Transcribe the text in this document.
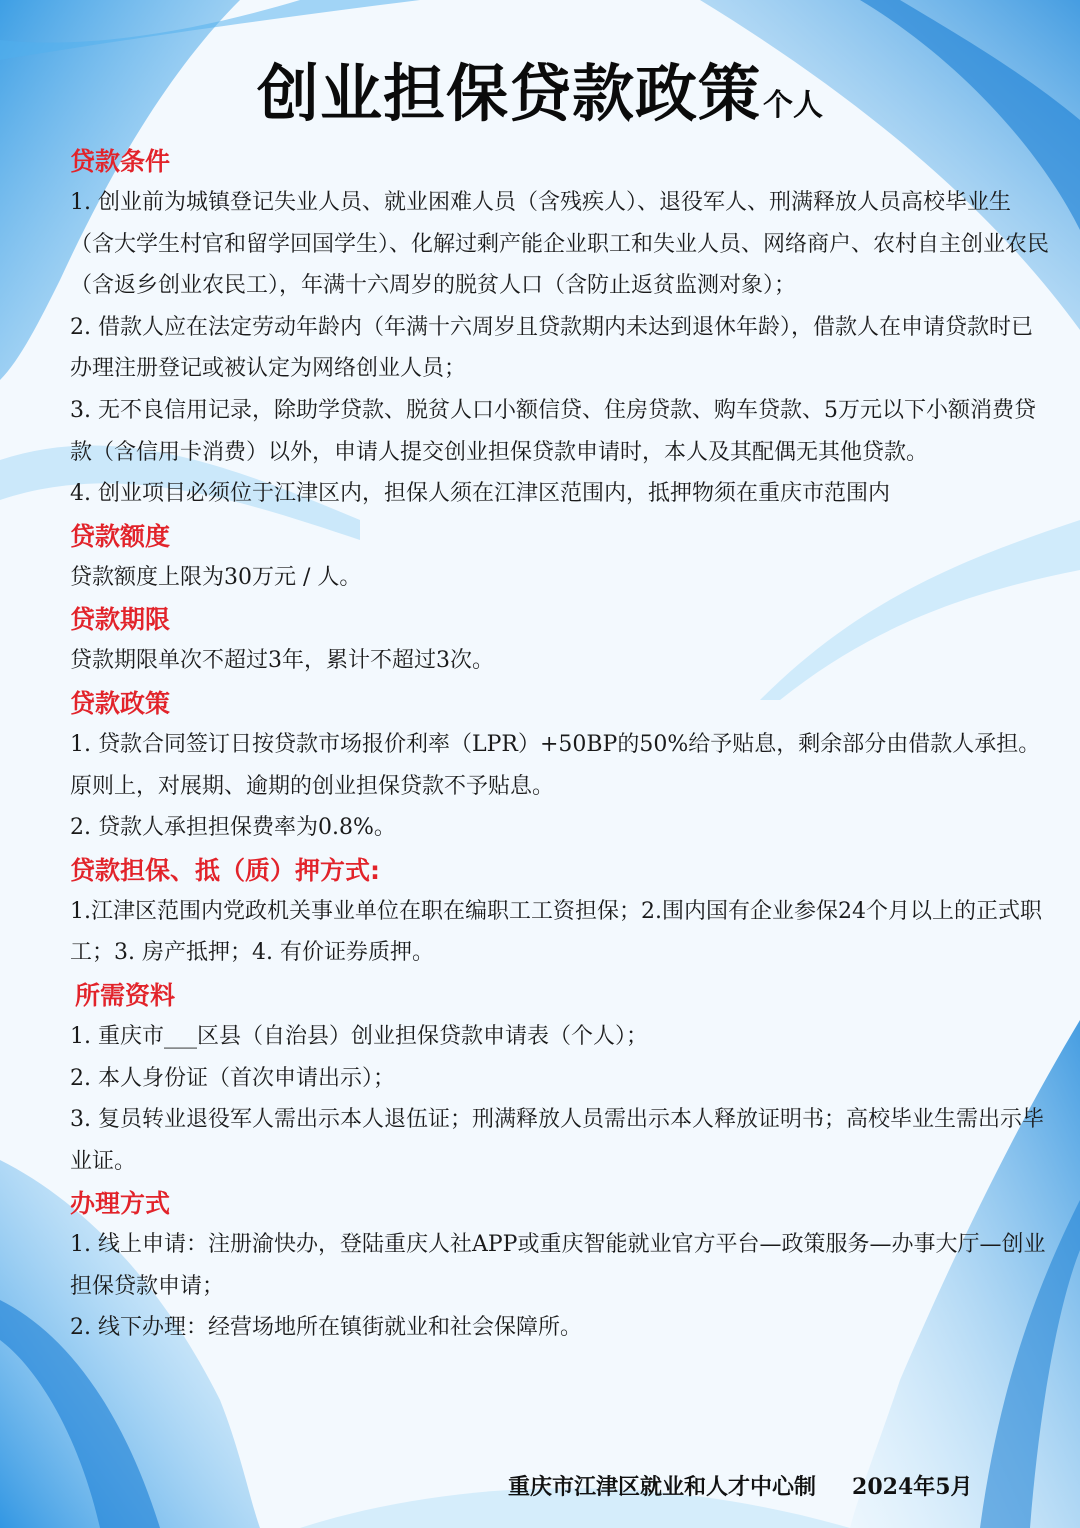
创业担保贷款政策个人
贷款条件
1. 创业前为城镇登记失业人员、就业困难人员（含残疾人）、退役军人、刑满释放人员高校毕业生（含大学生村官和留学回国学生）、化解过剩产能企业职工和失业人员、网络商户、农村自主创业农民（含返乡创业农民工），年满十六周岁的脱贫人口（含防止返贫监测对象）；
2. 借款人应在法定劳动年龄内（年满十六周岁且贷款期内未达到退休年龄），借款人在申请贷款时已办理注册登记或被认定为网络创业人员；
3. 无不良信用记录，除助学贷款、脱贫人口小额信贷、住房贷款、购车贷款、5万元以下小额消费贷款（含信用卡消费）以外，申请人提交创业担保贷款申请时，本人及其配偶无其他贷款。
4. 创业项目必须位于江津区内，担保人须在江津区范围内，抵押物须在重庆市范围内
贷款额度
贷款额度上限为30万元 / 人。
贷款期限
贷款期限单次不超过3年，累计不超过3次。
贷款政策
1. 贷款合同签订日按贷款市场报价利率（LPR）+50BP的50%给予贴息，剩余部分由借款人承担。原则上，对展期、逾期的创业担保贷款不予贴息。
2. 贷款人承担担保费率为0.8%。
贷款担保、抵（质）押方式:
1.江津区范围内党政机关事业单位在职在编职工工资担保；2.围内国有企业参保24个月以上的正式职工；3. 房产抵押；4. 有价证券质押。
所需资料
1. 重庆市___区县（自治县）创业担保贷款申请表（个人）；
2. 本人身份证（首次申请出示）；
3. 复员转业退役军人需出示本人退伍证；刑满释放人员需出示本人释放证明书；高校毕业生需出示毕业证。
办理方式
1. 线上申请：注册渝快办，登陆重庆人社APP或重庆智能就业官方平台—政策服务—办事大厅—创业担保贷款申请；
2. 线下办理：经营场地所在镇街就业和社会保障所。
重庆市江津区就业和人才中心制 2024年5月
